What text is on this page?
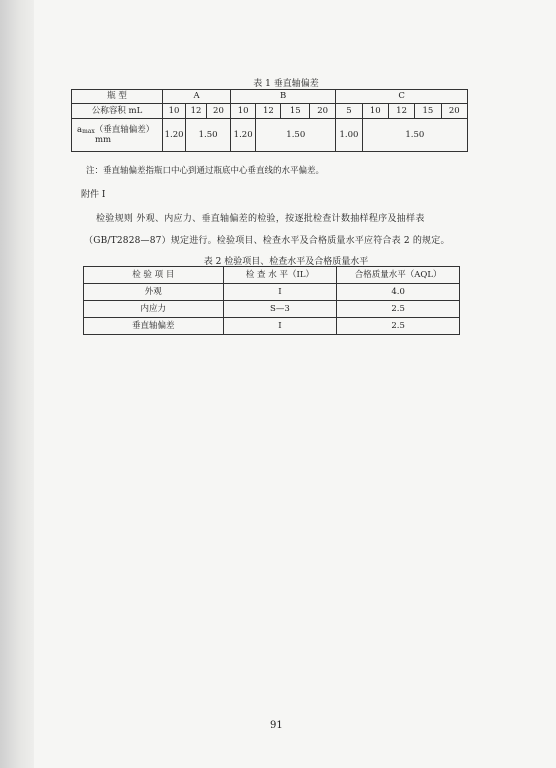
表 1 垂直轴偏差
瓶 型	A			B				C				
公称容积 mL	10	12	20	10	12	15	20	5	10	12	15	20
amax（垂直轴偏差）
mm	1.20	1.50		1.20	1.50			1.00	1.50			
注：垂直轴偏差指瓶口中心到通过瓶底中心垂直线的水平偏差。
附件 I
检验规则 外观、内应力、垂直轴偏差的检验，按逐批检查计数抽样程序及抽样表
（GB/T2828—87）规定进行。检验项目、检查水平及合格质量水平应符合表 2 的规定。
表 2 检验项目、检查水平及合格质量水平
检 验 项 目	检 查 水 平（IL）	合格质量水平（AQL）
外观	I	4.0
内应力	S—3	2.5
垂直轴偏差	I	2.5
91
